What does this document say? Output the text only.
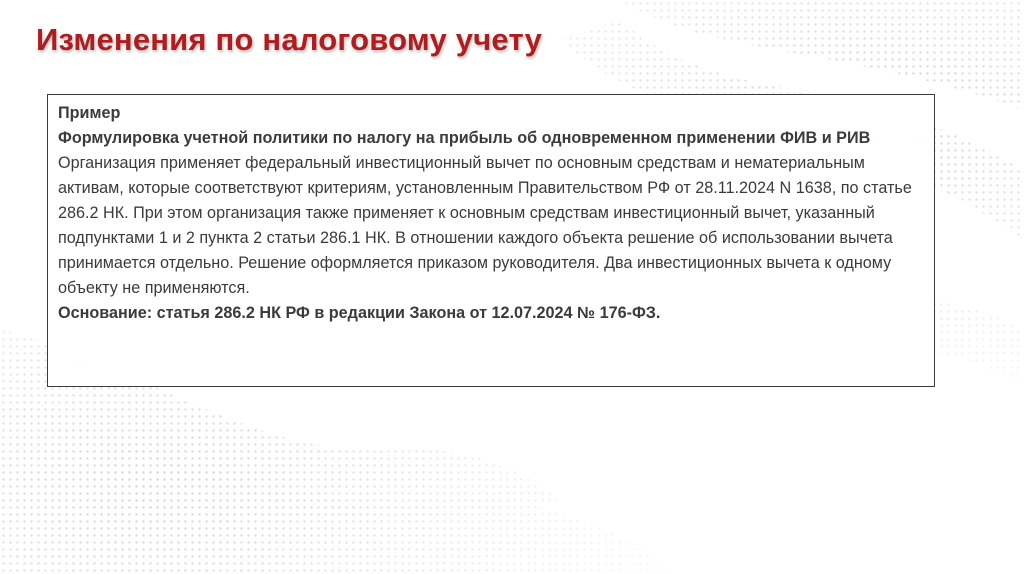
Изменения по налоговому учету

Пример

Формулировка учетной политики по налогу на прибыль об одновременном применении ФИВ и РИВ

Организация применяет федеральный инвестиционный вычет по основным средствам и нематериальным активам, которые соответствуют критериям, установленным Правительством РФ от 28.11.2024 N 1638, по статье 286.2 НК. При этом организация также применяет к основным средствам инвестиционный вычет, указанный подпунктами 1 и 2 пункта 2 статьи 286.1 НК. В отношении каждого объекта решение об использовании вычета принимается отдельно. Решение оформляется приказом руководителя. Два инвестиционных вычета к одному объекту не применяются.

Основание: статья 286.2 НК РФ в редакции Закона от 12.07.2024 № 176-ФЗ.
